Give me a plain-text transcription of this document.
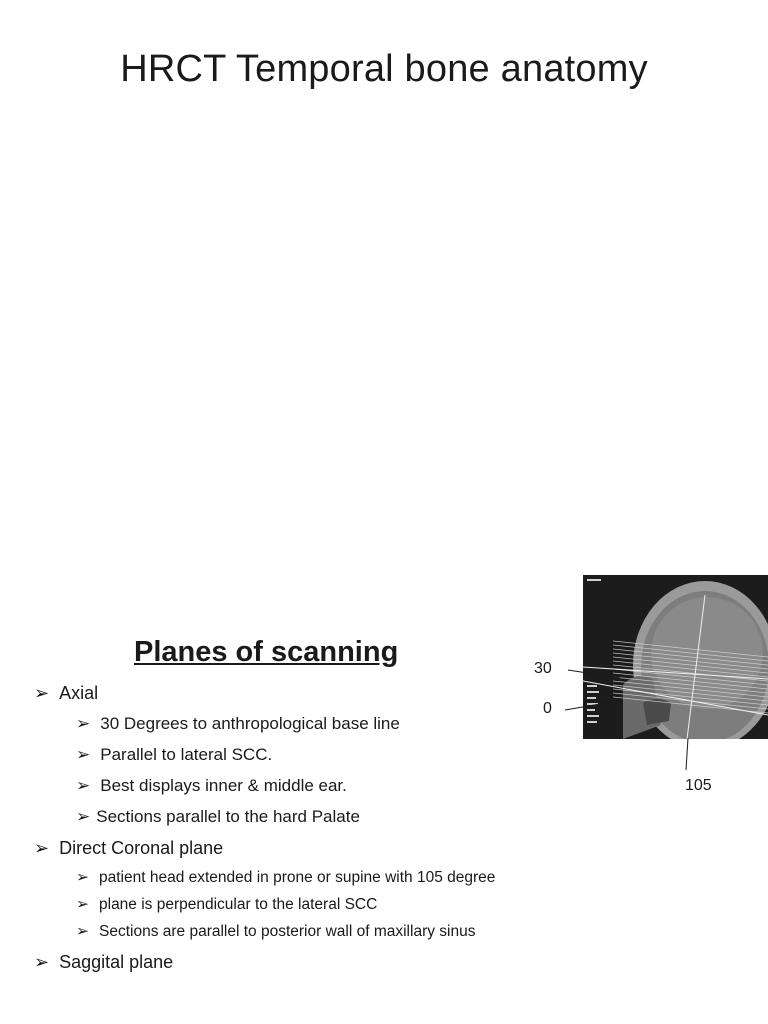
HRCT Temporal bone anatomy
Planes of scanning
➢ Axial
➢ 30 Degrees to anthropological base line
➢ Parallel to lateral SCC.
➢ Best displays inner & middle ear.
➢ Sections parallel to the hard Palate
➢ Direct Coronal plane
➢ patient head extended in prone or supine with 105 degree
➢ plane is perpendicular to the lateral SCC
➢ Sections are parallel to posterior wall of maxillary sinus
➢ Saggital plane
30
0
105
